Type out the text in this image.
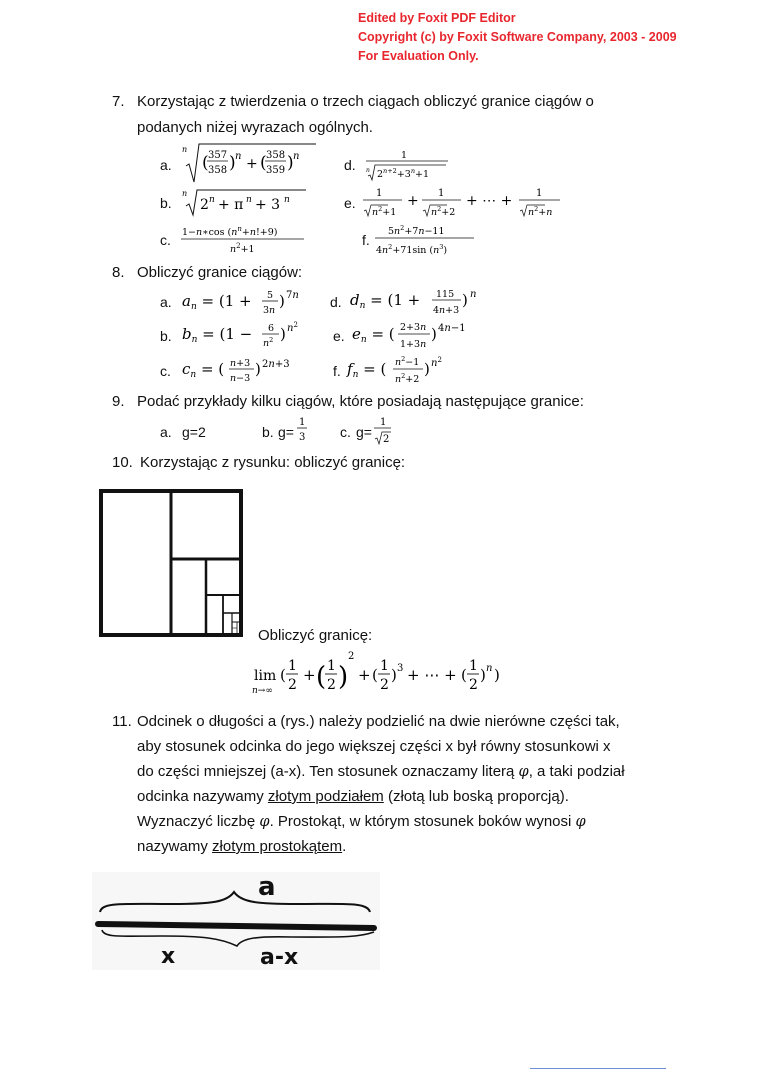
Edited by Foxit PDF Editor
Copyright (c) by Foxit Software Company, 2003 - 2009
For Evaluation Only.
7. Korzystając z twierdzenia o trzech ciągach obliczyć granice ciągów o
podanych niżej wyrazach ogólnych.
a.
n
( 357
358 ) n + ( 358
359 ) n
b.
n
2 n + π n + 3 n
c. 1−n∗cos $(n^n+n!+9)$
$n^2+1$
d.
1
n $2^n+2+3^n+1$
e.
1
$n^2+1$
+ 1
$n^2+2$
+ ⋯ + 1
$n^2+n$
f.
$5n^2+7n-11$
$4n^2+71\sin$ $(n^3)$
8. Obliczyć granice ciągów:
a. $a_n = (1 + 5$
3n
) 7n
b. $b_n = (1 - 6$
$n^2$ ) $n^2$
c. $c_n$ = ( n+3
n−3
) 2n+3
d. $d_n = (1 + 115$
4n+3
) n
e. $e_n$ = ( 2+3n
1+3n
) 4n−1
f. $f_n$ = ( $n^2-1$
$n^2+2$
) $n^2$
9. Podać przykłady kilku ciągów, które posiadają następujące granice:
a. g=2	b. g=
1
3 c. g=
1
2
10. Korzystając z rysunku: obliczyć granicę:
Obliczyć granicę:
lim
n→∞
( 1
2
+ ( 1
2 )
2
+ ( 1
2
) 3 + ⋯ + ( 1
2
) n )
11. Odcinek o długości a (rys.) należy podzielić na dwie nierówne części tak,
aby stosunek odcinka do jego większej części x był równy stosunkowi x
do części mniejszej (a-x). Ten stosunek oznaczamy literą φ, a taki podział
odcinka nazywamy złotym podziałem (złotą lub boską proporcją).
Wyznaczyć liczbę φ. Prostokąt, w którym stosunek boków wynosi φ
nazywamy złotym prostokątem.
a
x	a-x
